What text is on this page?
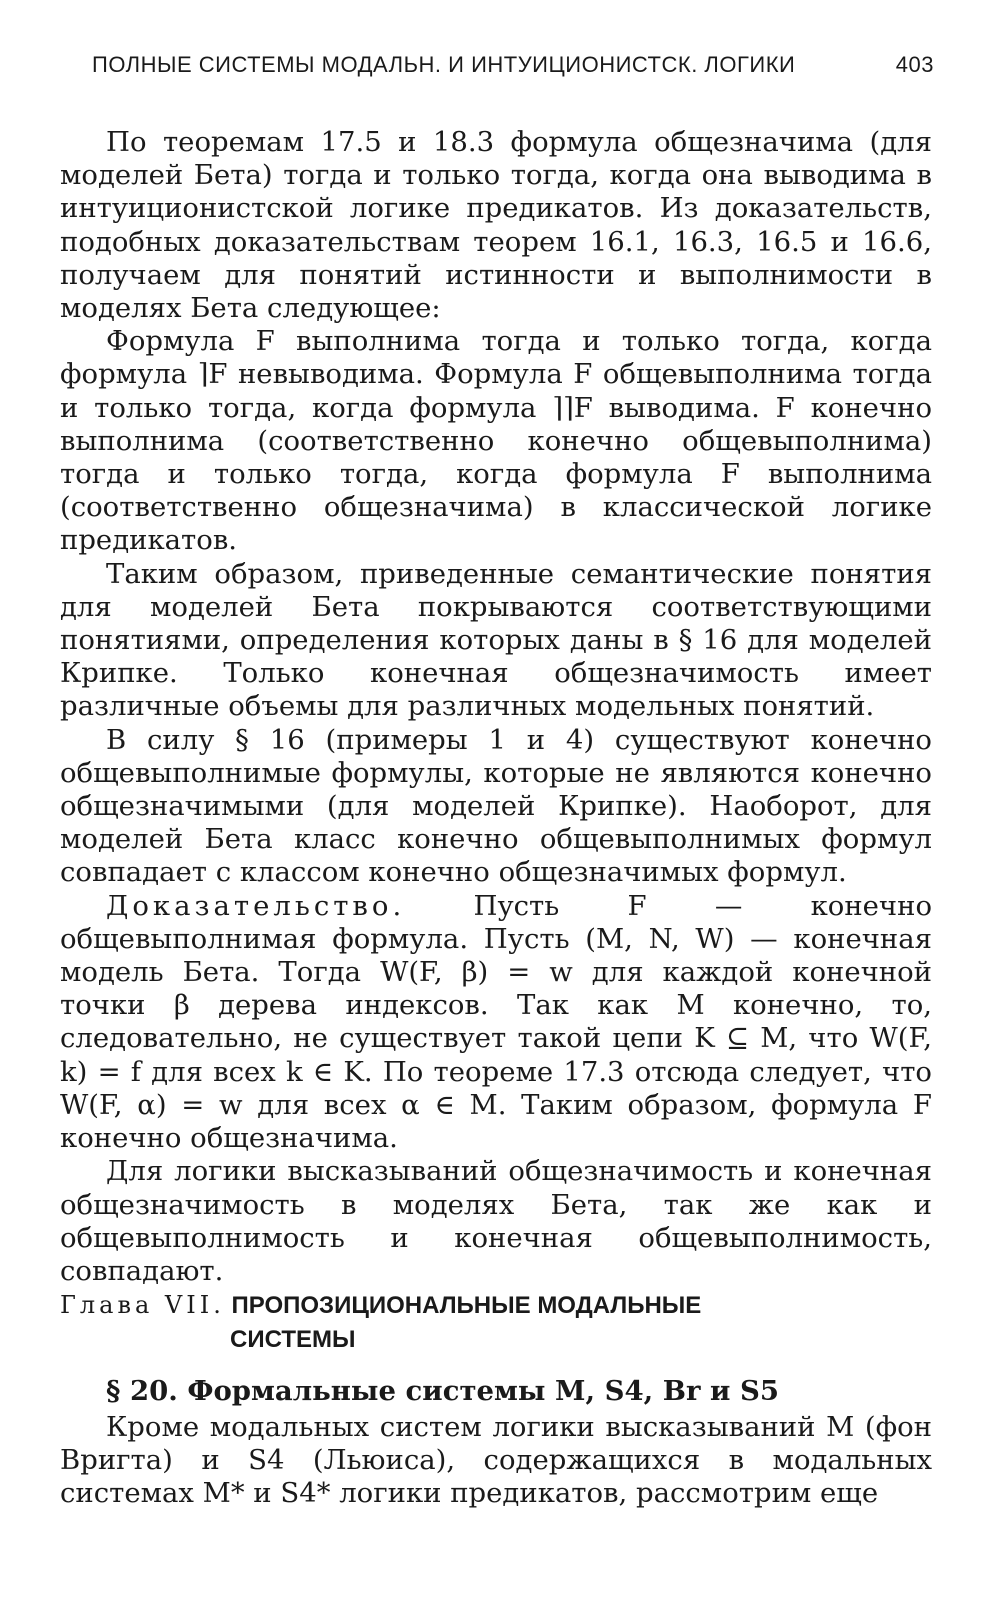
ПОЛНЫЕ СИСТЕМЫ МОДАЛЬН. И ИНТУИЦИОНИСТСК. ЛОГИКИ	403

По теоремам 17.5 и 18.3 формула общезначима (для моделей Бета) тогда и только тогда, когда она выводима в интуиционистской логике предикатов. Из доказательств, подобных доказательствам теорем 16.1, 16.3, 16.5 и 16.6, получаем для понятий истинности и выполнимости в моделях Бета следующее:

Формула F выполнима тогда и только тогда, когда формула ⌉F невыводима. Формула F общевыполнима тогда и только тогда, когда формула ⌉⌉F выводима. F конечно выполнима (соответственно конечно общевыполнима) тогда и только тогда, когда формула F выполнима (соответственно общезначима) в классической логике предикатов.

Таким образом, приведенные семантические понятия для моделей Бета покрываются соответствующими понятиями, определения которых даны в § 16 для моделей Крипке. Только конечная общезначимость имеет различные объемы для различных модельных понятий.

В силу § 16 (примеры 1 и 4) существуют конечно общевыполнимые формулы, которые не являются конечно общезначимыми (для моделей Крипке). Наоборот, для моделей Бета класс конечно общевыполнимых формул совпадает с классом конечно общезначимых формул.

Доказательство. Пусть F — конечно общевыполнимая формула. Пусть (M, N, W) — конечная модель Бета. Тогда W(F, β) = w для каждой конечной точки β дерева индексов. Так как M конечно, то, следовательно, не существует такой цепи K ⊆ M, что W(F, k) = f для всех k ∈ K. По теореме 17.3 отсюда следует, что W(F, α) = w для всех α ∈ M. Таким образом, формула F конечно общезначима.

Для логики высказываний общезначимость и конечная общезначимость в моделях Бета, так же как и общевыполнимость и конечная общевыполнимость, совпадают.

Глава VII. ПРОПОЗИЦИОНАЛЬНЫЕ МОДАЛЬНЫЕ
СИСТЕМЫ
§ 20. Формальные системы M, S4, Br и S5

Кроме модальных систем логики высказываний M (фон Вригта) и S4 (Льюиса), содержащихся в модальных системах M* и S4* логики предикатов, рассмотрим еще
